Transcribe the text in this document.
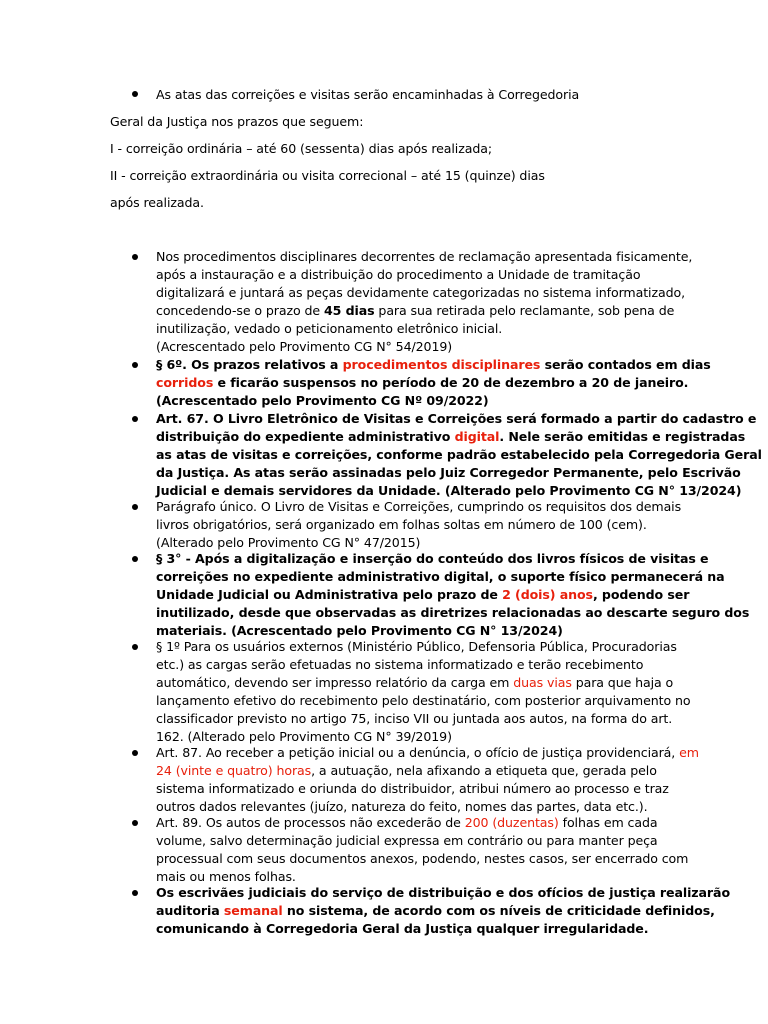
As atas das correições e visitas serão encaminhadas à Corregedoria
Geral da Justiça nos prazos que seguem:
I - correição ordinária – até 60 (sessenta) dias após realizada;
II - correição extraordinária ou visita correcional – até 15 (quinze) dias
após realizada.
Nos procedimentos disciplinares decorrentes de reclamação apresentada fisicamente,
após a instauração e a distribuição do procedimento a Unidade de tramitação
digitalizará e juntará as peças devidamente categorizadas no sistema informatizado,
concedendo-se o prazo de 45 dias para sua retirada pelo reclamante, sob pena de
inutilização, vedado o peticionamento eletrônico inicial.
(Acrescentado pelo Provimento CG N° 54/2019)
§ 6º. Os prazos relativos a procedimentos disciplinares serão contados em dias
corridos e ficarão suspensos no período de 20 de dezembro a 20 de janeiro.
(Acrescentado pelo Provimento CG Nº 09/2022)
Art. 67. O Livro Eletrônico de Visitas e Correições será formado a partir do cadastro e
distribuição do expediente administrativo digital. Nele serão emitidas e registradas
as atas de visitas e correições, conforme padrão estabelecido pela Corregedoria Geral
da Justiça. As atas serão assinadas pelo Juiz Corregedor Permanente, pelo Escrivão
Judicial e demais servidores da Unidade. (Alterado pelo Provimento CG N° 13/2024)
Parágrafo único. O Livro de Visitas e Correições, cumprindo os requisitos dos demais
livros obrigatórios, será organizado em folhas soltas em número de 100 (cem).
(Alterado pelo Provimento CG N° 47/2015)
§ 3° - Após a digitalização e inserção do conteúdo dos livros físicos de visitas e
correições no expediente administrativo digital, o suporte físico permanecerá na
Unidade Judicial ou Administrativa pelo prazo de 2 (dois) anos, podendo ser
inutilizado, desde que observadas as diretrizes relacionadas ao descarte seguro dos
materiais. (Acrescentado pelo Provimento CG N° 13/2024)
§ 1º Para os usuários externos (Ministério Público, Defensoria Pública, Procuradorias
etc.) as cargas serão efetuadas no sistema informatizado e terão recebimento
automático, devendo ser impresso relatório da carga em duas vias para que haja o
lançamento efetivo do recebimento pelo destinatário, com posterior arquivamento no
classificador previsto no artigo 75, inciso VII ou juntada aos autos, na forma do art.
162. (Alterado pelo Provimento CG N° 39/2019)
Art. 87. Ao receber a petição inicial ou a denúncia, o ofício de justiça providenciará, em
24 (vinte e quatro) horas, a autuação, nela afixando a etiqueta que, gerada pelo
sistema informatizado e oriunda do distribuidor, atribui número ao processo e traz
outros dados relevantes (juízo, natureza do feito, nomes das partes, data etc.).
Art. 89. Os autos de processos não excederão de 200 (duzentas) folhas em cada
volume, salvo determinação judicial expressa em contrário ou para manter peça
processual com seus documentos anexos, podendo, nestes casos, ser encerrado com
mais ou menos folhas.
Os escrivães judiciais do serviço de distribuição e dos ofícios de justiça realizarão
auditoria semanal no sistema, de acordo com os níveis de criticidade definidos,
comunicando à Corregedoria Geral da Justiça qualquer irregularidade.
